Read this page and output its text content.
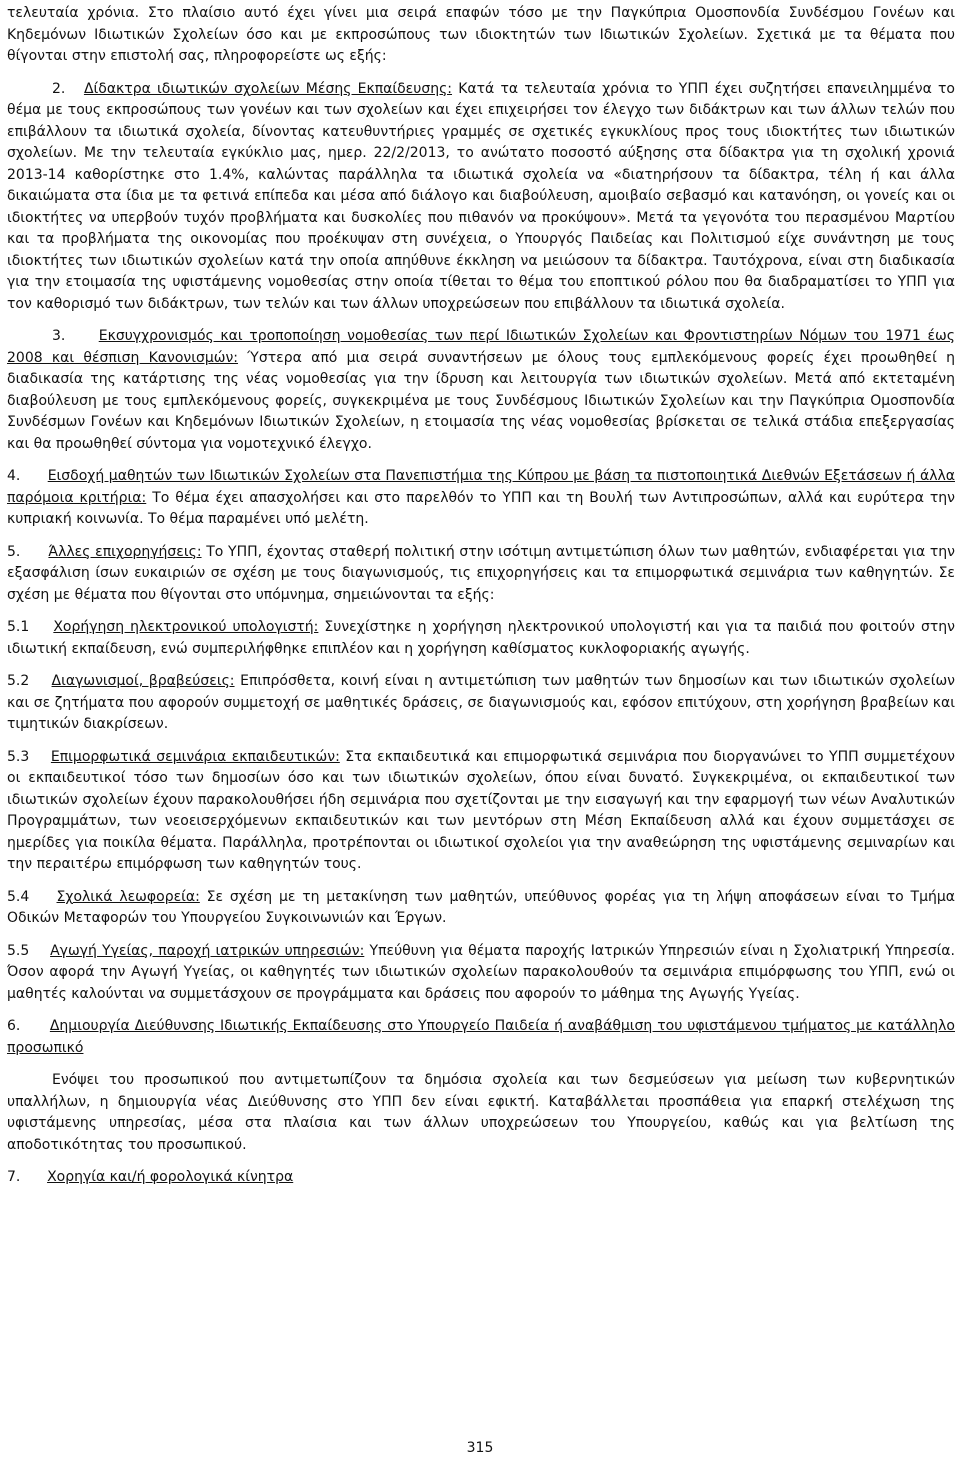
τελευταία χρόνια. Στο πλαίσιο αυτό έχει γίνει μια σειρά επαφών τόσο με την Παγκύπρια Ομοσπονδία Συνδέσμου Γονέων και Κηδεμόνων Ιδιωτικών Σχολείων όσο και με εκπροσώπους των ιδιοκτητών των Ιδιωτικών Σχολείων. Σχετικά με τα θέματα που θίγονται στην επιστολή σας, πληροφορείστε ως εξής:

2. Δίδακτρα ιδιωτικών σχολείων Μέσης Εκπαίδευσης: Κατά τα τελευταία χρόνια το ΥΠΠ έχει συζητήσει επανειλημμένα το θέμα με τους εκπροσώπους των γονέων και των σχολείων και έχει επιχειρήσει τον έλεγχο των διδάκτρων και των άλλων τελών που επιβάλλουν τα ιδιωτικά σχολεία, δίνοντας κατευθυντήριες γραμμές σε σχετικές εγκυκλίους προς τους ιδιοκτήτες των ιδιωτικών σχολείων. Με την τελευταία εγκύκλιο μας, ημερ. 22/2/2013, το ανώτατο ποσοστό αύξησης στα δίδακτρα για τη σχολική χρονιά 2013-14 καθορίστηκε στο 1.4%, καλώντας παράλληλα τα ιδιωτικά σχολεία να «διατηρήσουν τα δίδακτρα, τέλη ή και άλλα δικαιώματα στα ίδια με τα φετινά επίπεδα και μέσα από διάλογο και διαβούλευση, αμοιβαίο σεβασμό και κατανόηση, οι γονείς και οι ιδιοκτήτες να υπερβούν τυχόν προβλήματα και δυσκολίες που πιθανόν να προκύψουν». Μετά τα γεγονότα του περασμένου Μαρτίου και τα προβλήματα της οικονομίας που προέκυψαν στη συνέχεια, ο Υπουργός Παιδείας και Πολιτισμού είχε συνάντηση με τους ιδιοκτήτες των ιδιωτικών σχολείων κατά την οποία απηύθυνε έκκληση να μειώσουν τα δίδακτρα. Ταυτόχρονα, είναι στη διαδικασία για την ετοιμασία της υφιστάμενης νομοθεσίας στην οποία τίθεται το θέμα του εποπτικού ρόλου που θα διαδραματίσει το ΥΠΠ για τον καθορισμό των διδάκτρων, των τελών και των άλλων υποχρεώσεων που επιβάλλουν τα ιδιωτικά σχολεία.

3. Εκσυγχρονισμός και τροποποίηση νομοθεσίας των περί Ιδιωτικών Σχολείων και Φροντιστηρίων Νόμων του 1971 έως 2008 και θέσπιση Κανονισμών: Ύστερα από μια σειρά συναντήσεων με όλους τους εμπλεκόμενους φορείς έχει προωθηθεί η διαδικασία της κατάρτισης της νέας νομοθεσίας για την ίδρυση και λειτουργία των ιδιωτικών σχολείων. Μετά από εκτεταμένη διαβούλευση με τους εμπλεκόμενους φορείς, συγκεκριμένα με τους Συνδέσμους Ιδιωτικών Σχολείων και την Παγκύπρια Ομοσπονδία Συνδέσμων Γονέων και Κηδεμόνων Ιδιωτικών Σχολείων, η ετοιμασία της νέας νομοθεσίας βρίσκεται σε τελικά στάδια επεξεργασίας και θα προωθηθεί σύντομα για νομοτεχνικό έλεγχο.

4. Εισδοχή μαθητών των Ιδιωτικών Σχολείων στα Πανεπιστήμια της Κύπρου με βάση τα πιστοποιητικά Διεθνών Εξετάσεων ή άλλα παρόμοια κριτήρια: Το θέμα έχει απασχολήσει και στο παρελθόν το ΥΠΠ και τη Βουλή των Αντιπροσώπων, αλλά και ευρύτερα την κυπριακή κοινωνία. Το θέμα παραμένει υπό μελέτη.

5. Άλλες επιχορηγήσεις: Το ΥΠΠ, έχοντας σταθερή πολιτική στην ισότιμη αντιμετώπιση όλων των μαθητών, ενδιαφέρεται για την εξασφάλιση ίσων ευκαιριών σε σχέση με τους διαγωνισμούς, τις επιχορηγήσεις και τα επιμορφωτικά σεμινάρια των καθηγητών. Σε σχέση με θέματα που θίγονται στο υπόμνημα, σημειώνονται τα εξής:

5.1 Χορήγηση ηλεκτρονικού υπολογιστή: Συνεχίστηκε η χορήγηση ηλεκτρονικού υπολογιστή και για τα παιδιά που φοιτούν στην ιδιωτική εκπαίδευση, ενώ συμπεριλήφθηκε επιπλέον και η χορήγηση καθίσματος κυκλοφοριακής αγωγής.

5.2 Διαγωνισμοί, βραβεύσεις: Επιπρόσθετα, κοινή είναι η αντιμετώπιση των μαθητών των δημοσίων και των ιδιωτικών σχολείων και σε ζητήματα που αφορούν συμμετοχή σε μαθητικές δράσεις, σε διαγωνισμούς και, εφόσον επιτύχουν, στη χορήγηση βραβείων και τιμητικών διακρίσεων.

5.3 Επιμορφωτικά σεμινάρια εκπαιδευτικών: Στα εκπαιδευτικά και επιμορφωτικά σεμινάρια που διοργανώνει το ΥΠΠ συμμετέχουν οι εκπαιδευτικοί τόσο των δημοσίων όσο και των ιδιωτικών σχολείων, όπου είναι δυνατό. Συγκεκριμένα, οι εκπαιδευτικοί των ιδιωτικών σχολείων έχουν παρακολουθήσει ήδη σεμινάρια που σχετίζονται με την εισαγωγή και την εφαρμογή των νέων Αναλυτικών Προγραμμάτων, των νεοεισερχόμενων εκπαιδευτικών και των μεντόρων στη Μέση Εκπαίδευση αλλά και έχουν συμμετάσχει σε ημερίδες για ποικίλα θέματα. Παράλληλα, προτρέπονται οι ιδιωτικοί σχολείοι για την αναθεώρηση της υφιστάμενης σεμιναρίων και την περαιτέρω επιμόρφωση των καθηγητών τους.

5.4 Σχολικά λεωφορεία: Σε σχέση με τη μετακίνηση των μαθητών, υπεύθυνος φορέας για τη λήψη αποφάσεων είναι το Τμήμα Οδικών Μεταφορών του Υπουργείου Συγκοινωνιών και Έργων.

5.5 Αγωγή Υγείας, παροχή ιατρικών υπηρεσιών: Υπεύθυνη για θέματα παροχής Ιατρικών Υπηρεσιών είναι η Σχολιατρική Υπηρεσία. Όσον αφορά την Αγωγή Υγείας, οι καθηγητές των ιδιωτικών σχολείων παρακολουθούν τα σεμινάρια επιμόρφωσης του ΥΠΠ, ενώ οι μαθητές καλούνται να συμμετάσχουν σε προγράμματα και δράσεις που αφορούν το μάθημα της Αγωγής Υγείας.

6. Δημιουργία Διεύθυνσης Ιδιωτικής Εκπαίδευσης στο Υπουργείο Παιδεία ή αναβάθμιση του υφιστάμενου τμήματος με κατάλληλο προσωπικό

Ενόψει του προσωπικού που αντιμετωπίζουν τα δημόσια σχολεία και των δεσμεύσεων για μείωση των κυβερνητικών υπαλλήλων, η δημιουργία νέας Διεύθυνσης στο ΥΠΠ δεν είναι εφικτή. Καταβάλλεται προσπάθεια για επαρκή στελέχωση της υφιστάμενης υπηρεσίας, μέσα στα πλαίσια και των άλλων υποχρεώσεων του Υπουργείου, καθώς και για βελτίωση της αποδοτικότητας του προσωπικού.

7. Χορηγία και/ή φορολογικά κίνητρα

315
